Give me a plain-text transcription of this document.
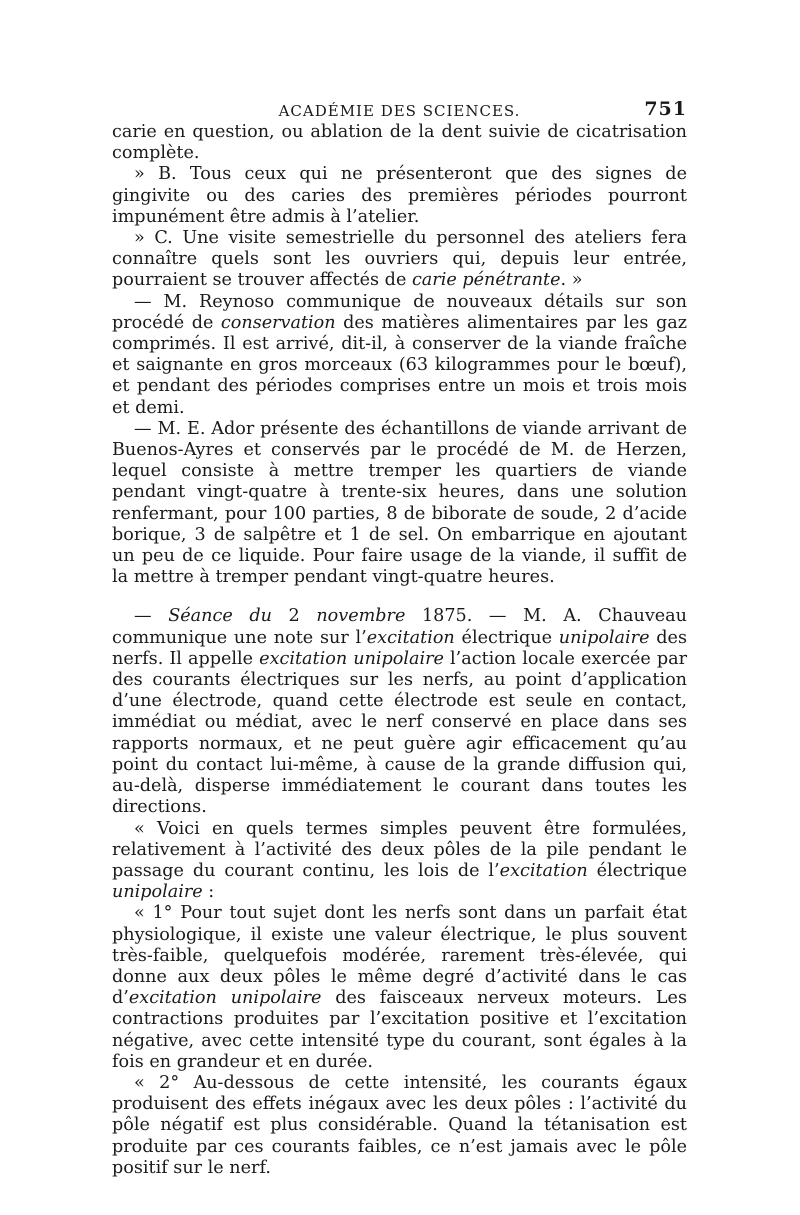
ACADÉMIE DES SCIENCES.	751

carie en question, ou ablation de la dent suivie de cicatrisation complète.

» B. Tous ceux qui ne présenteront que des signes de gingivite ou des caries des premières périodes pourront impunément être admis à l’atelier.

» C. Une visite semestrielle du personnel des ateliers fera connaître quels sont les ouvriers qui, depuis leur entrée, pourraient se trouver affectés de carie pénétrante. »

— M. Reynoso communique de nouveaux détails sur son procédé de conservation des matières alimentaires par les gaz comprimés. Il est arrivé, dit-il, à conserver de la viande fraîche et saignante en gros morceaux (63 kilogrammes pour le bœuf), et pendant des périodes comprises entre un mois et trois mois et demi.

— M. E. Ador présente des échantillons de viande arrivant de Buenos-Ayres et conservés par le procédé de M. de Herzen, lequel consiste à mettre tremper les quartiers de viande pendant vingt-quatre à trente-six heures, dans une solution renfermant, pour 100 parties, 8 de biborate de soude, 2 d’acide borique, 3 de salpêtre et 1 de sel. On embarrique en ajoutant un peu de ce liquide. Pour faire usage de la viande, il suffit de la mettre à tremper pendant vingt-quatre heures.

— Séance du 2 novembre 1875. — M. A. Chauveau communique une note sur l’excitation électrique unipolaire des nerfs. Il appelle excitation unipolaire l’action locale exercée par des courants électriques sur les nerfs, au point d’application d’une électrode, quand cette électrode est seule en contact, immédiat ou médiat, avec le nerf conservé en place dans ses rapports normaux, et ne peut guère agir efficacement qu’au point du contact lui-même, à cause de la grande diffusion qui, au-delà, disperse immédiatement le courant dans toutes les directions.

« Voici en quels termes simples peuvent être formulées, relativement à l’activité des deux pôles de la pile pendant le passage du courant continu, les lois de l’excitation électrique unipolaire :

« 1° Pour tout sujet dont les nerfs sont dans un parfait état physiologique, il existe une valeur électrique, le plus souvent très-faible, quelquefois modérée, rarement très-élevée, qui donne aux deux pôles le même degré d’activité dans le cas d’excitation unipolaire des faisceaux nerveux moteurs. Les contractions produites par l’excitation positive et l’excitation négative, avec cette intensité type du courant, sont égales à la fois en grandeur et en durée.

« 2° Au-dessous de cette intensité, les courants égaux produisent des effets inégaux avec les deux pôles : l’activité du pôle négatif est plus considérable. Quand la tétanisation est produite par ces courants faibles, ce n’est jamais avec le pôle positif sur le nerf.
